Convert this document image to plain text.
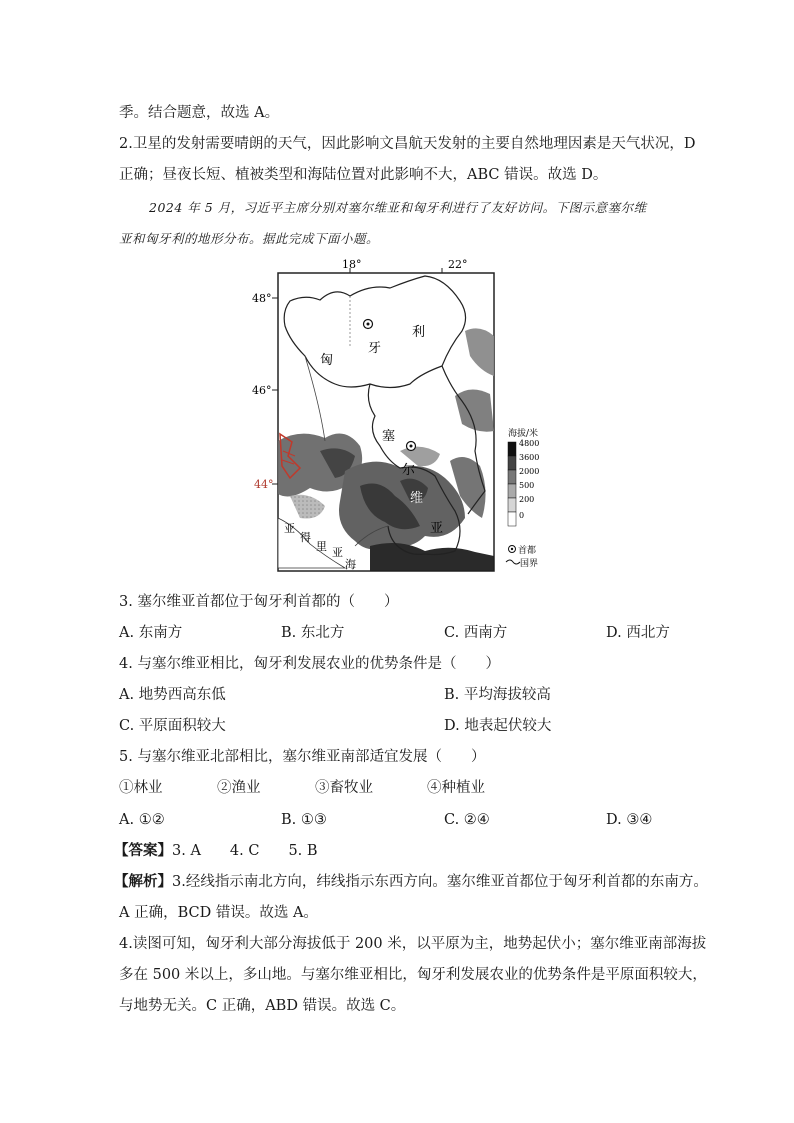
季。结合题意，故选 A。
2.卫星的发射需要晴朗的天气，因此影响文昌航天发射的主要自然地理因素是天气状况，D
正确；昼夜长短、植被类型和海陆位置对此影响不大，ABC 错误。故选 D。
2024 年 5 月，习近平主席分别对塞尔维亚和匈牙利进行了友好访问。下图示意塞尔维
亚和匈牙利的地形分布。据此完成下面小题。
18°	22°
48°
46°
44°
匈
牙
利
塞
尔
维
亚
亚
得
里 亚
海
海拔/米
4800
3600
2000
500
200
0
首都
国界
3. 塞尔维亚首都位于匈牙利首都的（　　）
A. 东南方	B. 东北方	C. 西南方	D. 西北方
4. 与塞尔维亚相比，匈牙利发展农业的优势条件是（　　）
A. 地势西高东低	B. 平均海拔较高
C. 平原面积较大	D. 地表起伏较大
5. 与塞尔维亚北部相比，塞尔维亚南部适宜发展（　　）
①林业	②渔业	③畜牧业	④种植业
A. ①②	B. ①③	C. ②④	D. ③④
【答案】3. A　　4. C　　5. B
【解析】3.经线指示南北方向，纬线指示东西方向。塞尔维亚首都位于匈牙利首都的东南方。
A 正确，BCD 错误。故选 A。
4.读图可知，匈牙利大部分海拔低于 200 米，以平原为主，地势起伏小；塞尔维亚南部海拔
多在 500 米以上，多山地。与塞尔维亚相比，匈牙利发展农业的优势条件是平原面积较大，
与地势无关。C 正确，ABD 错误。故选 C。
